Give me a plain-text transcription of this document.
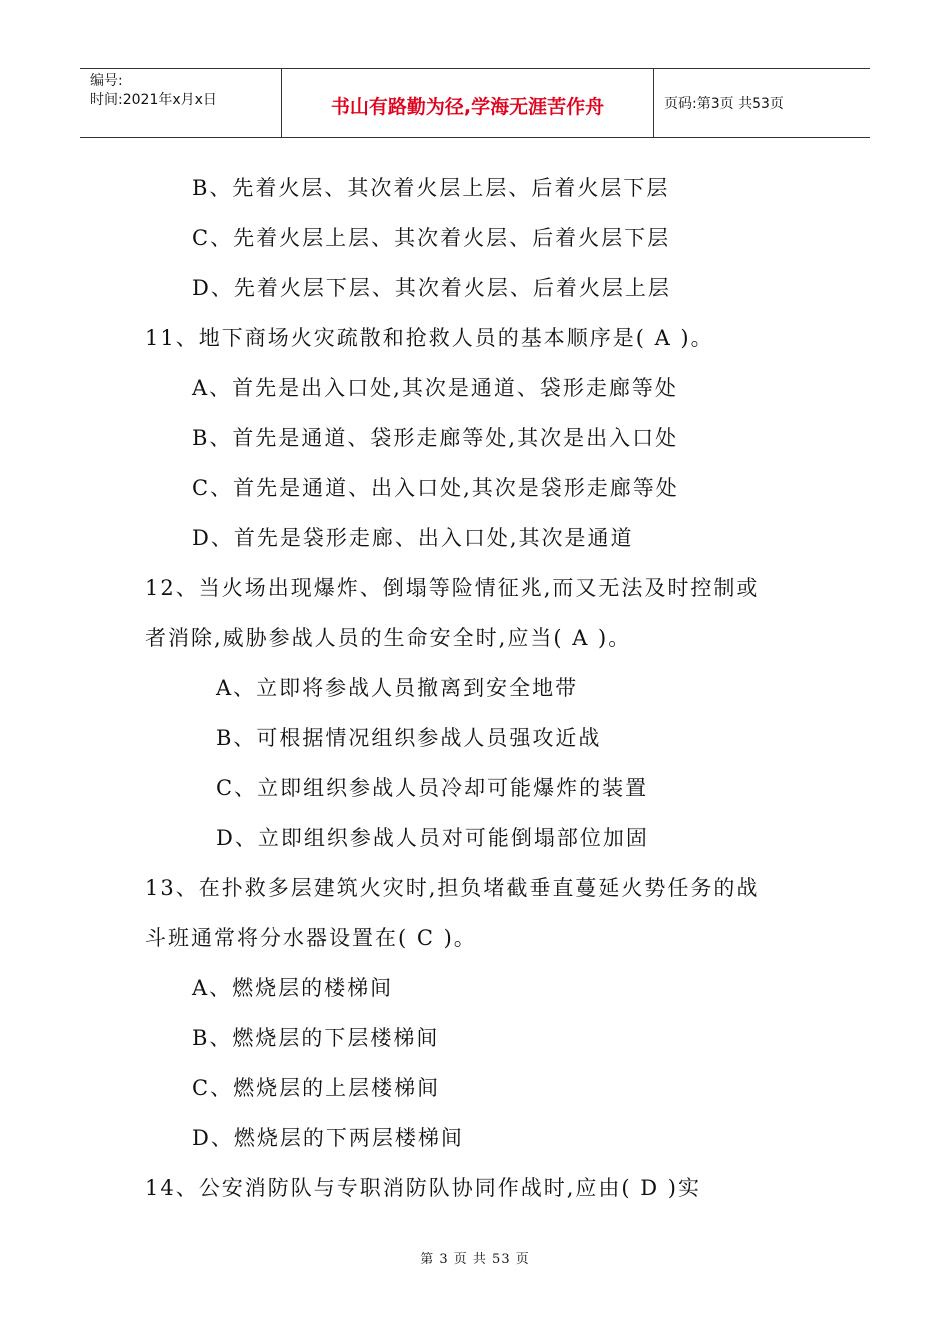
编号:
时间:2021年x月x日	书山有路勤为径,学海无涯苦作舟	页码:第3页 共53页
B、先着火层、其次着火层上层、后着火层下层
C、先着火层上层、其次着火层、后着火层下层
D、先着火层下层、其次着火层、后着火层上层
11、地下商场火灾疏散和抢救人员的基本顺序是( A )。
A、首先是出入口处,其次是通道、袋形走廊等处
B、首先是通道、袋形走廊等处,其次是出入口处
C、首先是通道、出入口处,其次是袋形走廊等处
D、首先是袋形走廊、出入口处,其次是通道
12、当火场出现爆炸、倒塌等险情征兆,而又无法及时控制或
者消除,威胁参战人员的生命安全时,应当( A )。
A、立即将参战人员撤离到安全地带
B、可根据情况组织参战人员强攻近战
C、立即组织参战人员冷却可能爆炸的装置
D、立即组织参战人员对可能倒塌部位加固
13、在扑救多层建筑火灾时,担负堵截垂直蔓延火势任务的战
斗班通常将分水器设置在( C )。
A、燃烧层的楼梯间
B、燃烧层的下层楼梯间
C、燃烧层的上层楼梯间
D、燃烧层的下两层楼梯间
14、公安消防队与专职消防队协同作战时,应由( D )实
第 3 页 共 53 页
